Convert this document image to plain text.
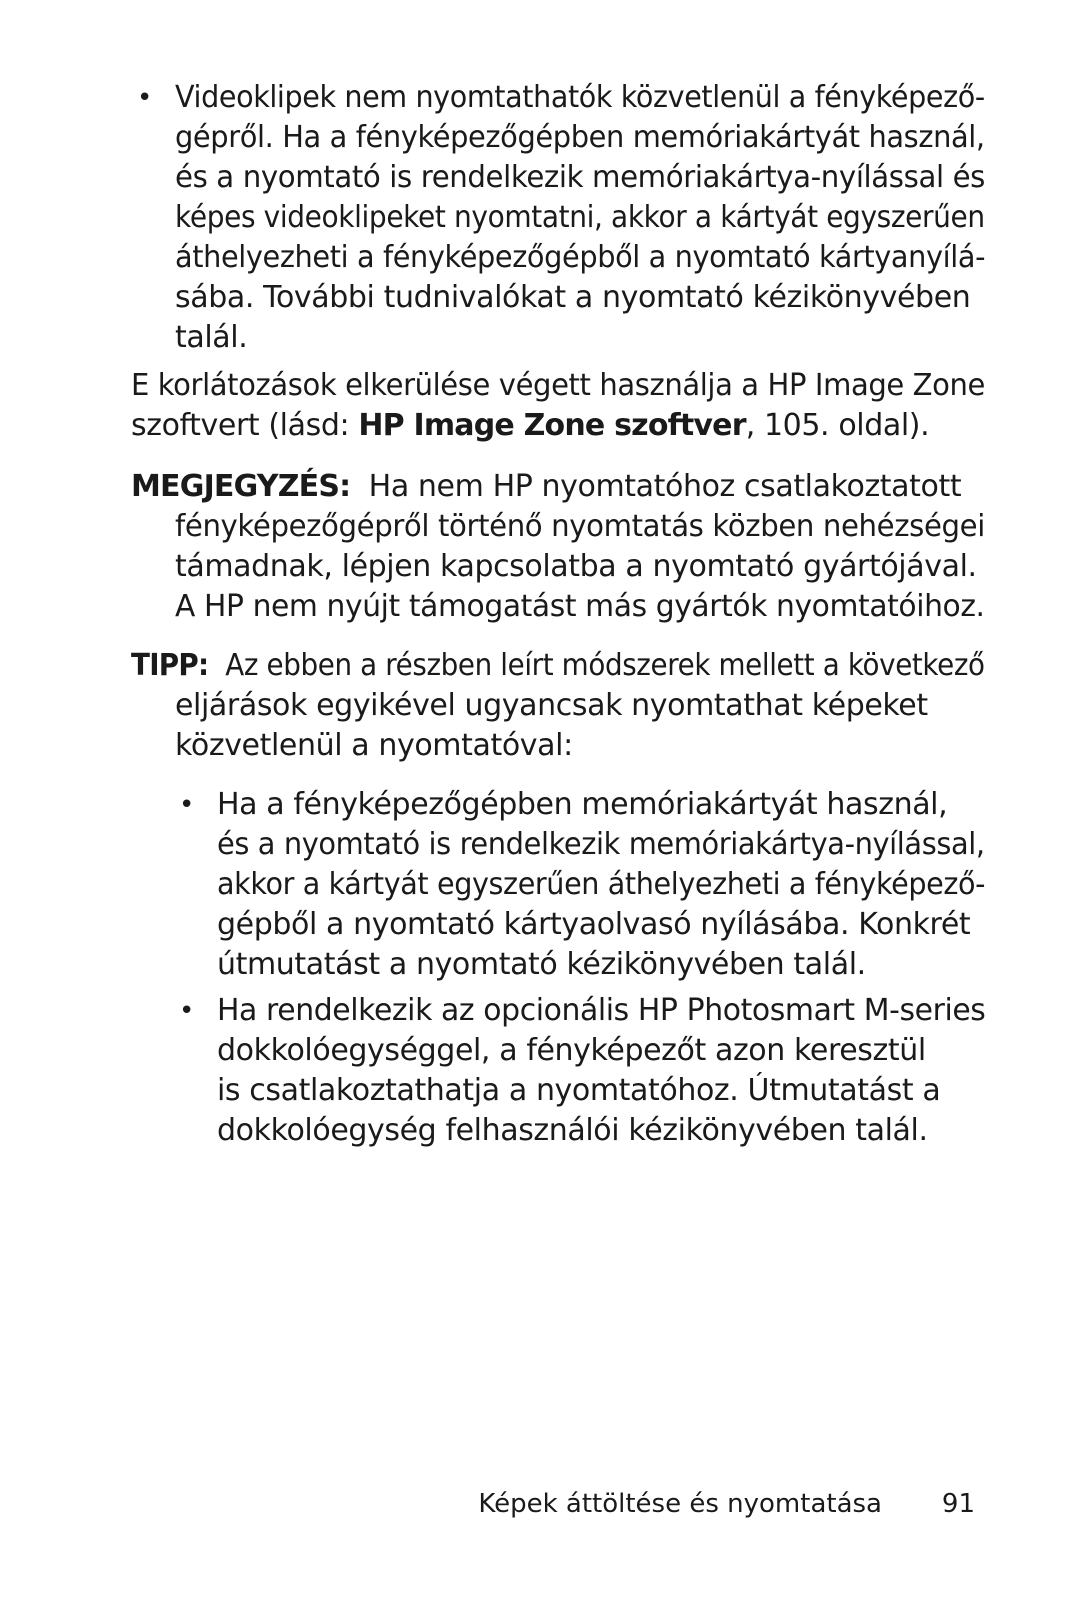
• Videoklipek nem nyomtathatók közvetlenül a fényképező-
gépről. Ha a fényképezőgépben memóriakártyát használ,
és a nyomtató is rendelkezik memóriakártya-nyílással és
képes videoklipeket nyomtatni, akkor a kártyát egyszerűen
áthelyezheti a fényképezőgépből a nyomtató kártyanyílá-
sába. További tudnivalókat a nyomtató kézikönyvében
talál.
E korlátozások elkerülése végett használja a HP Image Zone
szoftvert (lásd: HP Image Zone szoftver, 105. oldal).
MEGJEGYZÉS: Ha nem HP nyomtatóhoz csatlakoztatott
fényképezőgépről történő nyomtatás közben nehézségei
támadnak, lépjen kapcsolatba a nyomtató gyártójával.
A HP nem nyújt támogatást más gyártók nyomtatóihoz.
TIPP: Az ebben a részben leírt módszerek mellett a következő
eljárások egyikével ugyancsak nyomtathat képeket
közvetlenül a nyomtatóval:
• Ha a fényképezőgépben memóriakártyát használ,
és a nyomtató is rendelkezik memóriakártya-nyílással,
akkor a kártyát egyszerűen áthelyezheti a fényképező-
gépből a nyomtató kártyaolvasó nyílásába. Konkrét
útmutatást a nyomtató kézikönyvében talál.
• Ha rendelkezik az opcionális HP Photosmart M-series
dokkolóegységgel, a fényképezőt azon keresztül
is csatlakoztathatja a nyomtatóhoz. Útmutatást a
dokkolóegység felhasználói kézikönyvében talál.
Képek áttöltése és nyomtatása 91
